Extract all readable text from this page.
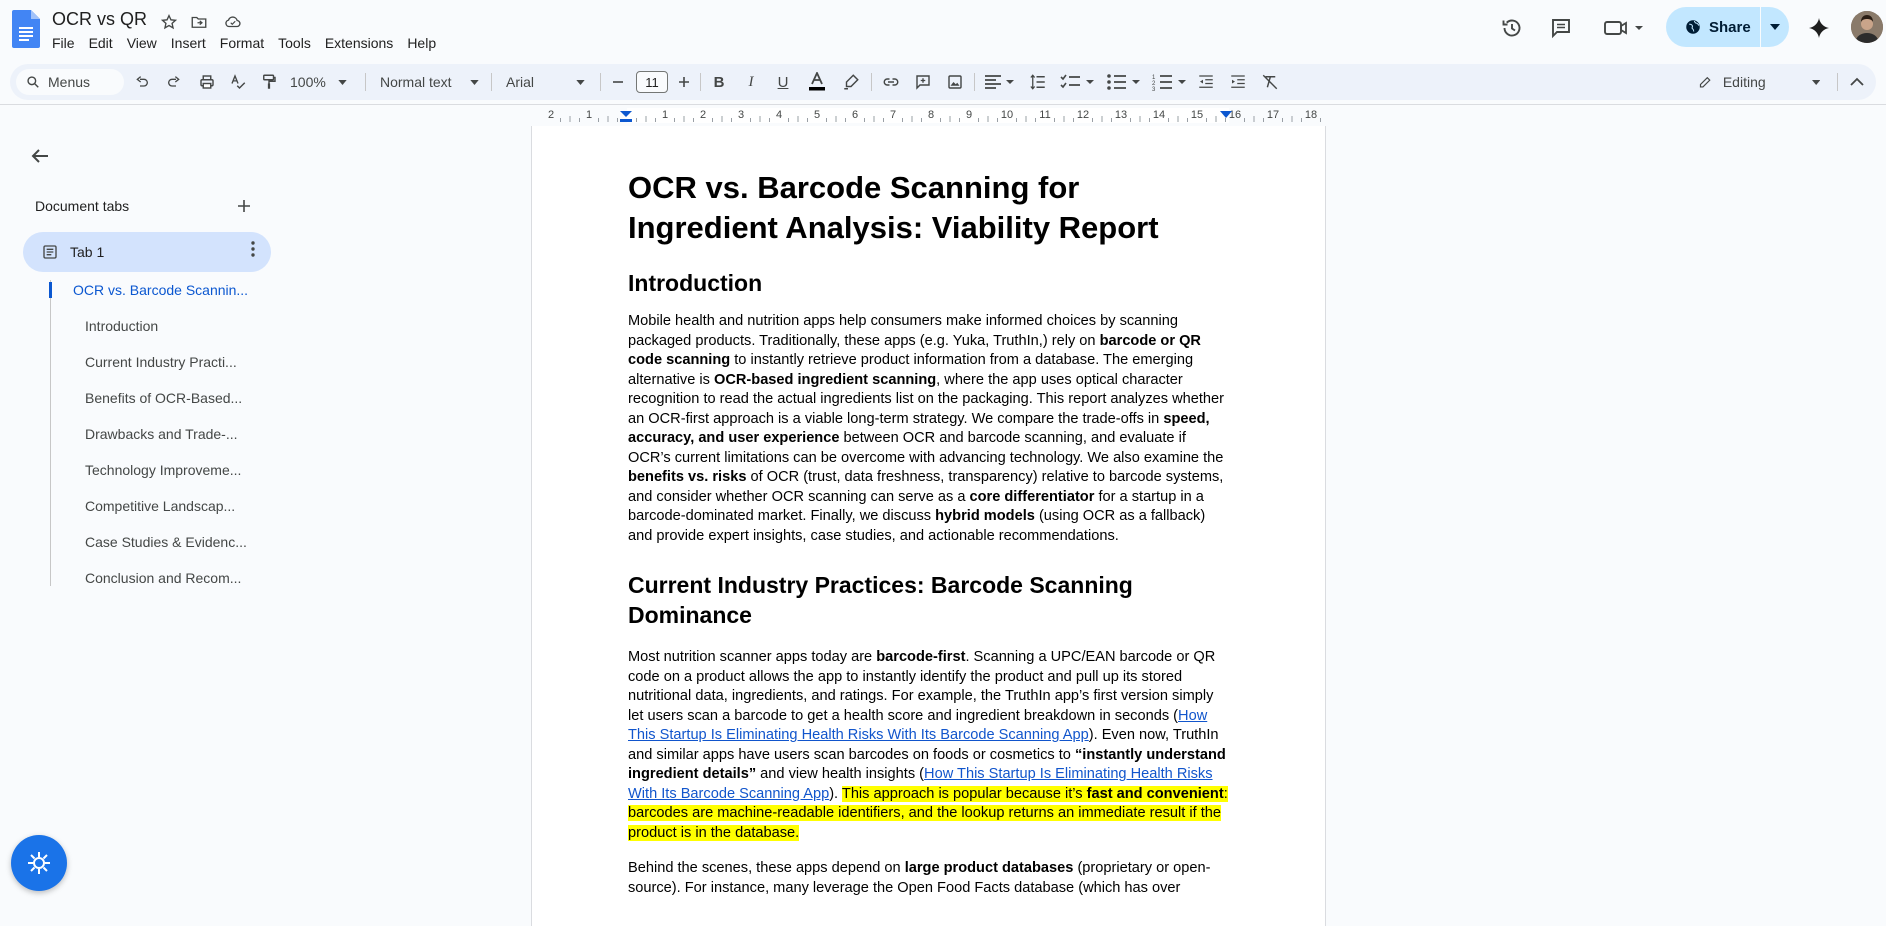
OCR vs QR
File	Edit	View	Insert	Format	Tools	Extensions	Help
Share
Menus	100%	Normal text	Arial	11	B	I	U	1
2
3	Editing
Document tabs
Tab 1
OCR vs. Barcode Scannin...
Introduction
Current Industry Practi...
Benefits of OCR-Based...
Drawbacks and Trade-...
Technology Improveme...
Competitive Landscap...
Case Studies & Evidenc...
Conclusion and Recom...
2	1	1	2	3	4	5	6	7	8	9	10 11 12 13 14 15 16 17 18
OCR vs. Barcode Scanning for Ingredient Analysis: Viability Report
Introduction

Mobile health and nutrition apps help consumers make informed choices by scanning packaged products. Traditionally, these apps (e.g. Yuka, TruthIn,) rely on barcode or QR code scanning to instantly retrieve product information from a database. The emerging alternative is OCR-based ingredient scanning, where the app uses optical character recognition to read the actual ingredients list on the packaging. This report analyzes whether an OCR-first approach is a viable long-term strategy. We compare the trade-offs in speed, accuracy, and user experience between OCR and barcode scanning, and evaluate if OCR’s current limitations can be overcome with advancing technology. We also examine the benefits vs. risks of OCR (trust, data freshness, transparency) relative to barcode systems, and consider whether OCR scanning can serve as a core differentiator for a startup in a barcode-dominated market. Finally, we discuss hybrid models (using OCR as a fallback) and provide expert insights, case studies, and actionable recommendations.

Current Industry Practices: Barcode Scanning Dominance

Most nutrition scanner apps today are barcode-first. Scanning a UPC/EAN barcode or QR code on a product allows the app to instantly identify the product and pull up its stored nutritional data, ingredients, and ratings. For example, the TruthIn app’s first version simply let users scan a barcode to get a health score and ingredient breakdown in seconds (How This Startup Is Eliminating Health Risks With Its Barcode Scanning App). Even now, TruthIn and similar apps have users scan barcodes on foods or cosmetics to “instantly understand ingredient details” and view health insights (How This Startup Is Eliminating Health Risks With Its Barcode Scanning App). This approach is popular because it’s fast and convenient: barcodes are machine-readable identifiers, and the lookup returns an immediate result if the product is in the database.

Behind the scenes, these apps depend on large product databases (proprietary or open-source). For instance, many leverage the Open Food Facts database (which has over
